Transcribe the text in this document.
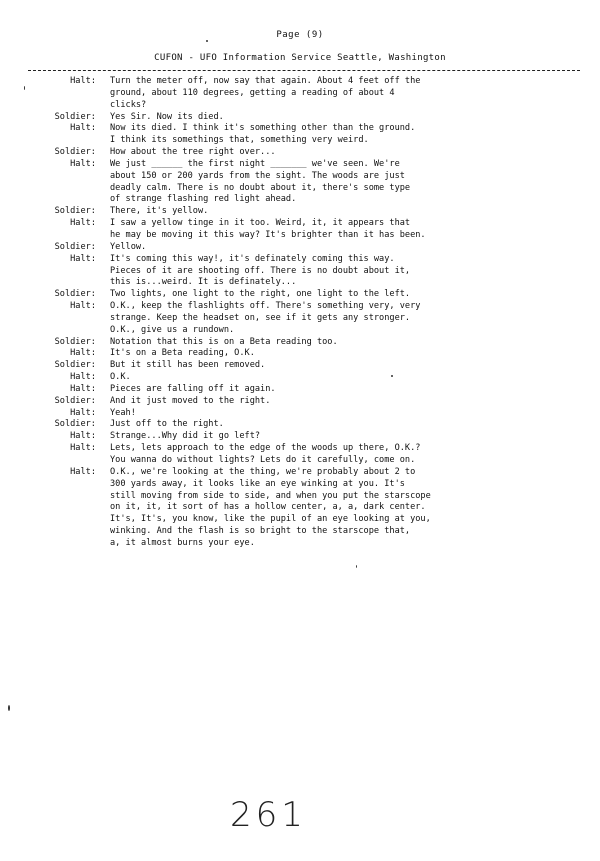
Page (9)
CUFON - UFO Information Service Seattle, Washington
Halt: Turn the meter off, now say that again. About 4 feet off the
ground, about 110 degrees, getting a reading of about 4
clicks?
Soldier: Yes Sir. Now its died.
Halt: Now its died. I think it's something other than the ground.
I think its somethings that, something very weird.
Soldier: How about the tree right over...
Halt: We just ______ the first night _______ we've seen. We're
about 150 or 200 yards from the sight. The woods are just
deadly calm. There is no doubt about it, there's some type
of strange flashing red light ahead.
Soldier: There, it's yellow.
Halt: I saw a yellow tinge in it too. Weird, it, it appears that
he may be moving it this way? It's brighter than it has been.
Soldier: Yellow.
Halt: It's coming this way!, it's definately coming this way.
Pieces of it are shooting off. There is no doubt about it,
this is...weird. It is definately...
Soldier: Two lights, one light to the right, one light to the left.
Halt: O.K., keep the flashlights off. There's something very, very
strange. Keep the headset on, see if it gets any stronger.
O.K., give us a rundown.
Soldier: Notation that this is on a Beta reading too.
Halt: It's on a Beta reading, O.K.
Soldier: But it still has been removed.
Halt: O.K.
Halt: Pieces are falling off it again.
Soldier: And it just moved to the right.
Halt: Yeah!
Soldier: Just off to the right.
Halt: Strange...Why did it go left?
Halt: Lets, lets approach to the edge of the woods up there, O.K.?
You wanna do without lights? Lets do it carefully, come on.
Halt: O.K., we're looking at the thing, we're probably about 2 to
300 yards away, it looks like an eye winking at you. It's
still moving from side to side, and when you put the starscope
on it, it, it sort of has a hollow center, a, a, dark center.
It's, It's, you know, like the pupil of an eye looking at you,
winking. And the flash is so bright to the starscope that,
a, it almost burns your eye.
261
